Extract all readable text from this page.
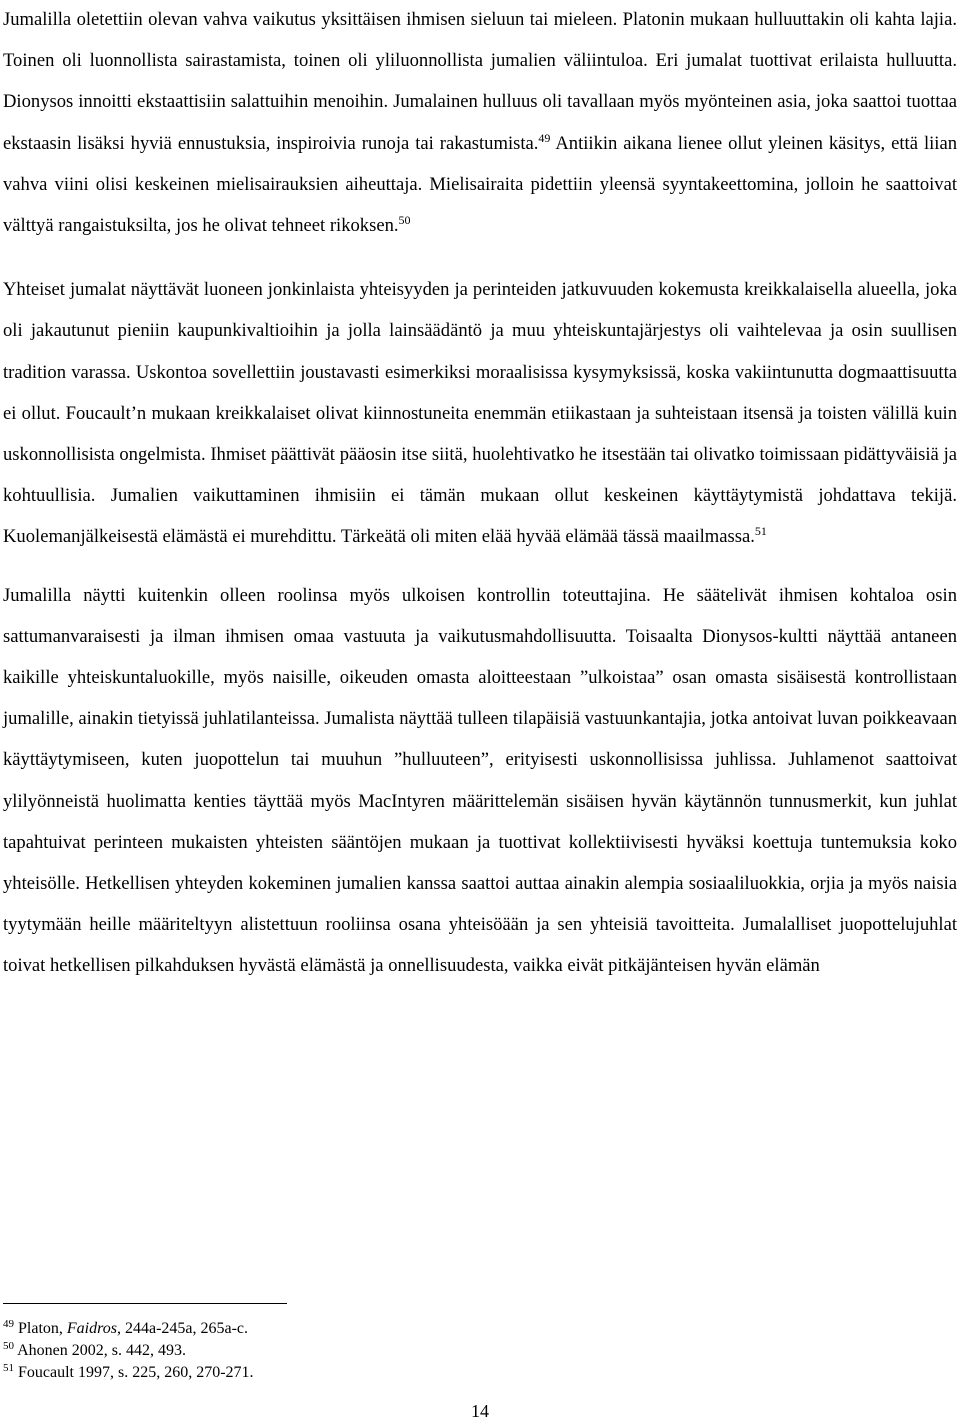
Jumalilla oletettiin olevan vahva vaikutus yksittäisen ihmisen sieluun tai mieleen. Platonin mukaan hulluuttakin oli kahta lajia. Toinen oli luonnollista sairastamista, toinen oli yliluonnollista jumalien väliintuloa. Eri jumalat tuottivat erilaista hulluutta. Dionysos innoitti ekstaattisiin salattuihin menoihin. Jumalainen hulluus oli tavallaan myös myönteinen asia, joka saattoi tuottaa ekstaasin lisäksi hyviä ennustuksia, inspiroivia runoja tai rakastumista.$^{49}$ Antiikin aikana lienee ollut yleinen käsitys, että liian vahva viini olisi keskeinen mielisairauksien aiheuttaja. Mielisairaita pidettiin yleensä syyntakeettomina, jolloin he saattoivat välttyä rangaistuksilta, jos he olivat tehneet rikoksen.$^{50}$

Yhteiset jumalat näyttävät luoneen jonkinlaista yhteisyyden ja perinteiden jatkuvuuden kokemusta kreikkalaisella alueella, joka oli jakautunut pieniin kaupunkivaltioihin ja jolla lainsäädäntö ja muu yhteiskuntajärjestys oli vaihtelevaa ja osin suullisen tradition varassa. Uskontoa sovellettiin joustavasti esimerkiksi moraalisissa kysymyksissä, koska vakiintunutta dogmaattisuutta ei ollut. Foucault’n mukaan kreikkalaiset olivat kiinnostuneita enemmän etiikastaan ja suhteistaan itsensä ja toisten välillä kuin uskonnollisista ongelmista. Ihmiset päättivät pääosin itse siitä, huolehtivatko he itsestään tai olivatko toimissaan pidättyväisiä ja kohtuullisia. Jumalien vaikuttaminen ihmisiin ei tämän mukaan ollut keskeinen käyttäytymistä johdattava tekijä. Kuolemanjälkeisestä elämästä ei murehdittu. Tärkeätä oli miten elää hyvää elämää tässä maailmassa.$^{51}$

Jumalilla näytti kuitenkin olleen roolinsa myös ulkoisen kontrollin toteuttajina. He säätelivät ihmisen kohtaloa osin sattumanvaraisesti ja ilman ihmisen omaa vastuuta ja vaikutusmahdollisuutta. Toisaalta Dionysos-kultti näyttää antaneen kaikille yhteiskuntaluokille, myös naisille, oikeuden omasta aloitteestaan ”ulkoistaa” osan omasta sisäisestä kontrollistaan jumalille, ainakin tietyissä juhlatilanteissa. Jumalista näyttää tulleen tilapäisiä vastuunkantajia, jotka antoivat luvan poikkeavaan käyttäytymiseen, kuten juopottelun tai muuhun ”hulluuteen”, erityisesti uskonnollisissa juhlissa. Juhlamenot saattoivat ylilyönneistä huolimatta kenties täyttää myös MacIntyren määrittelemän sisäisen hyvän käytännön tunnusmerkit, kun juhlat tapahtuivat perinteen mukaisten yhteisten sääntöjen mukaan ja tuottivat kollektiivisesti hyväksi koettuja tuntemuksia koko yhteisölle. Hetkellisen yhteyden kokeminen jumalien kanssa saattoi auttaa ainakin alempia sosiaaliluokkia, orjia ja myös naisia tyytymään heille määriteltyyn alistettuun rooliinsa osana yhteisöään ja sen yhteisiä tavoitteita. Jumalalliset juopottelujuhlat toivat hetkellisen pilkahduksen hyvästä elämästä ja onnellisuudesta, vaikka eivät pitkäjänteisen hyvän elämän

$^{49}$ Platon, Faidros, 244a-245a, 265a-c.

$^{50}$ Ahonen 2002, s. 442, 493.

$^{51}$ Foucault 1997, s. 225, 260, 270-271.

14
